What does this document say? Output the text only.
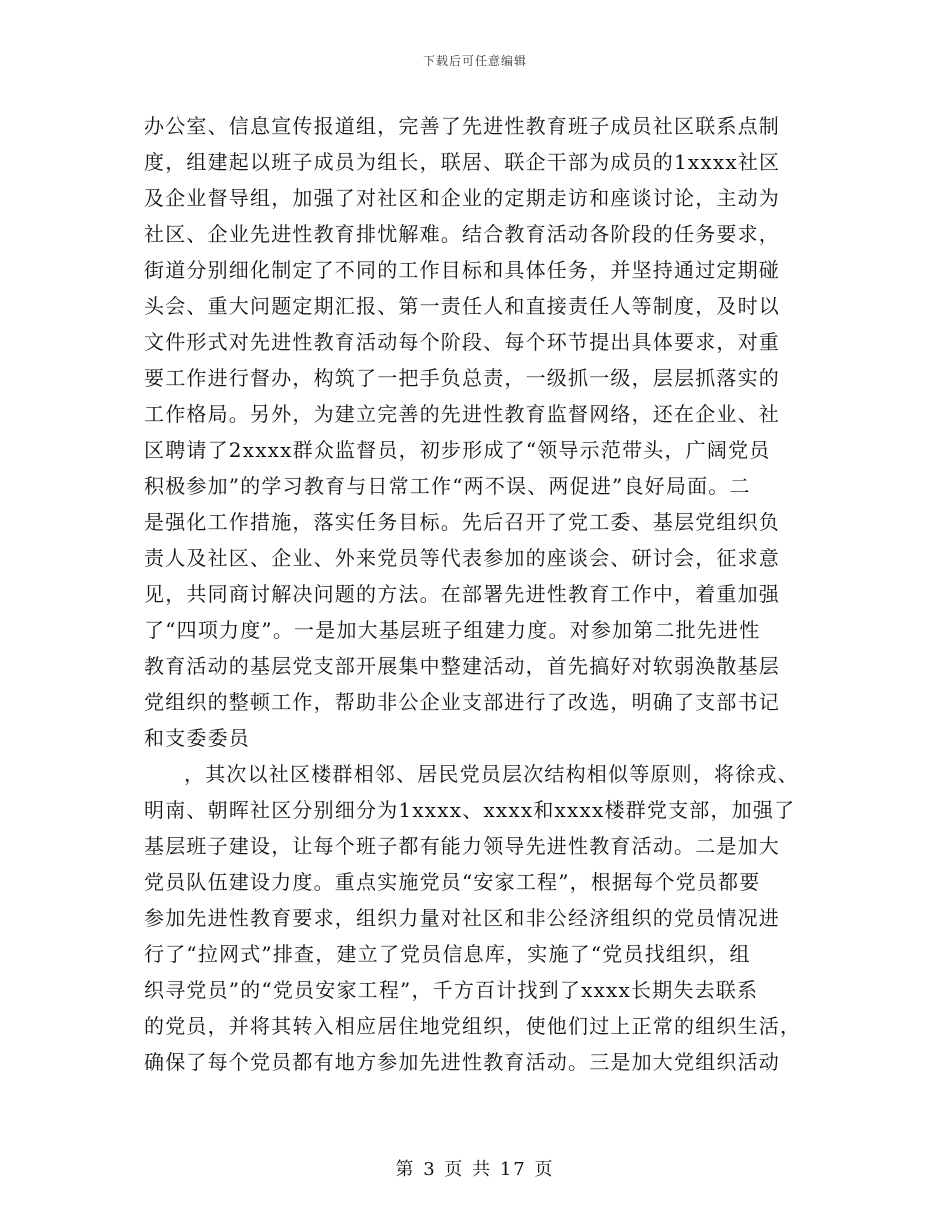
下载后可任意编辑
办公室、信息宣传报道组，完善了先进性教育班子成员社区联系点制
度，组建起以班子成员为组长，联居、联企干部为成员的1xxxx社区
及企业督导组，加强了对社区和企业的定期走访和座谈讨论，主动为
社区、企业先进性教育排忧解难。结合教育活动各阶段的任务要求，
街道分别细化制定了不同的工作目标和具体任务，并坚持通过定期碰
头会、重大问题定期汇报、第一责任人和直接责任人等制度，及时以
文件形式对先进性教育活动每个阶段、每个环节提出具体要求，对重
要工作进行督办，构筑了一把手负总责，一级抓一级，层层抓落实的
工作格局。另外，为建立完善的先进性教育监督网络，还在企业、社
区聘请了2xxxx群众监督员，初步形成了“领导示范带头，广阔党员
积极参加”的学习教育与日常工作“两不误、两促进”良好局面。二
是强化工作措施，落实任务目标。先后召开了党工委、基层党组织负
责人及社区、企业、外来党员等代表参加的座谈会、研讨会，征求意
见，共同商讨解决问题的方法。在部署先进性教育工作中，着重加强
了“四项力度”。一是加大基层班子组建力度。对参加第二批先进性
教育活动的基层党支部开展集中整建活动，首先搞好对软弱涣散基层
党组织的整顿工作，帮助非公企业支部进行了改选，明确了支部书记
和支委委员
，其次以社区楼群相邻、居民党员层次结构相似等原则，将徐戎、
明南、朝晖社区分别细分为1xxxx、xxxx和xxxx楼群党支部，加强了
基层班子建设，让每个班子都有能力领导先进性教育活动。二是加大
党员队伍建设力度。重点实施党员“安家工程”，根据每个党员都要
参加先进性教育要求，组织力量对社区和非公经济组织的党员情况进
行了“拉网式”排查，建立了党员信息库，实施了“党员找组织，组
织寻党员”的“党员安家工程”，千方百计找到了xxxx长期失去联系
的党员，并将其转入相应居住地党组织，使他们过上正常的组织生活，
确保了每个党员都有地方参加先进性教育活动。三是加大党组织活动
第 3 页 共 17 页
